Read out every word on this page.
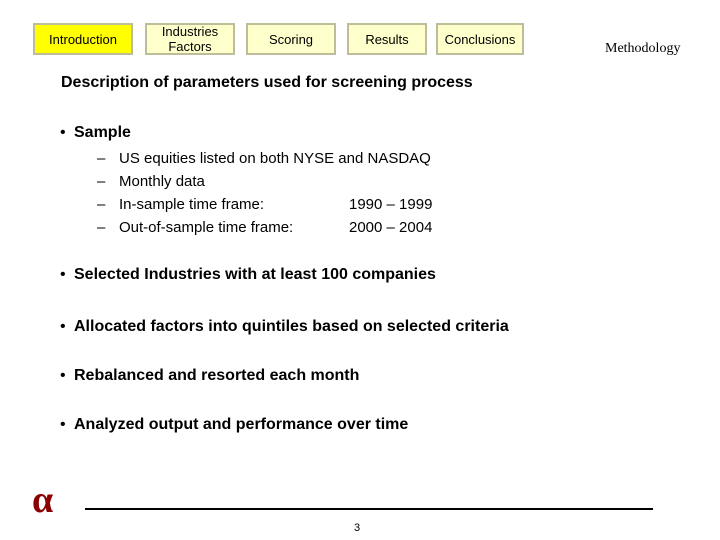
Introduction	Industries
Factors	Scoring	Results	Conclusions
Methodology
Description of parameters used for screening process
• Sample
– US equities listed on both NYSE and NASDAQ
– Monthly data
– In-sample time frame:	1990 – 1999
– Out-of-sample time frame:	2000 – 2004
• Selected Industries with at least 100 companies
• Allocated factors into quintiles based on selected criteria
• Rebalanced and resorted each month
• Analyzed output and performance over time
α
3
